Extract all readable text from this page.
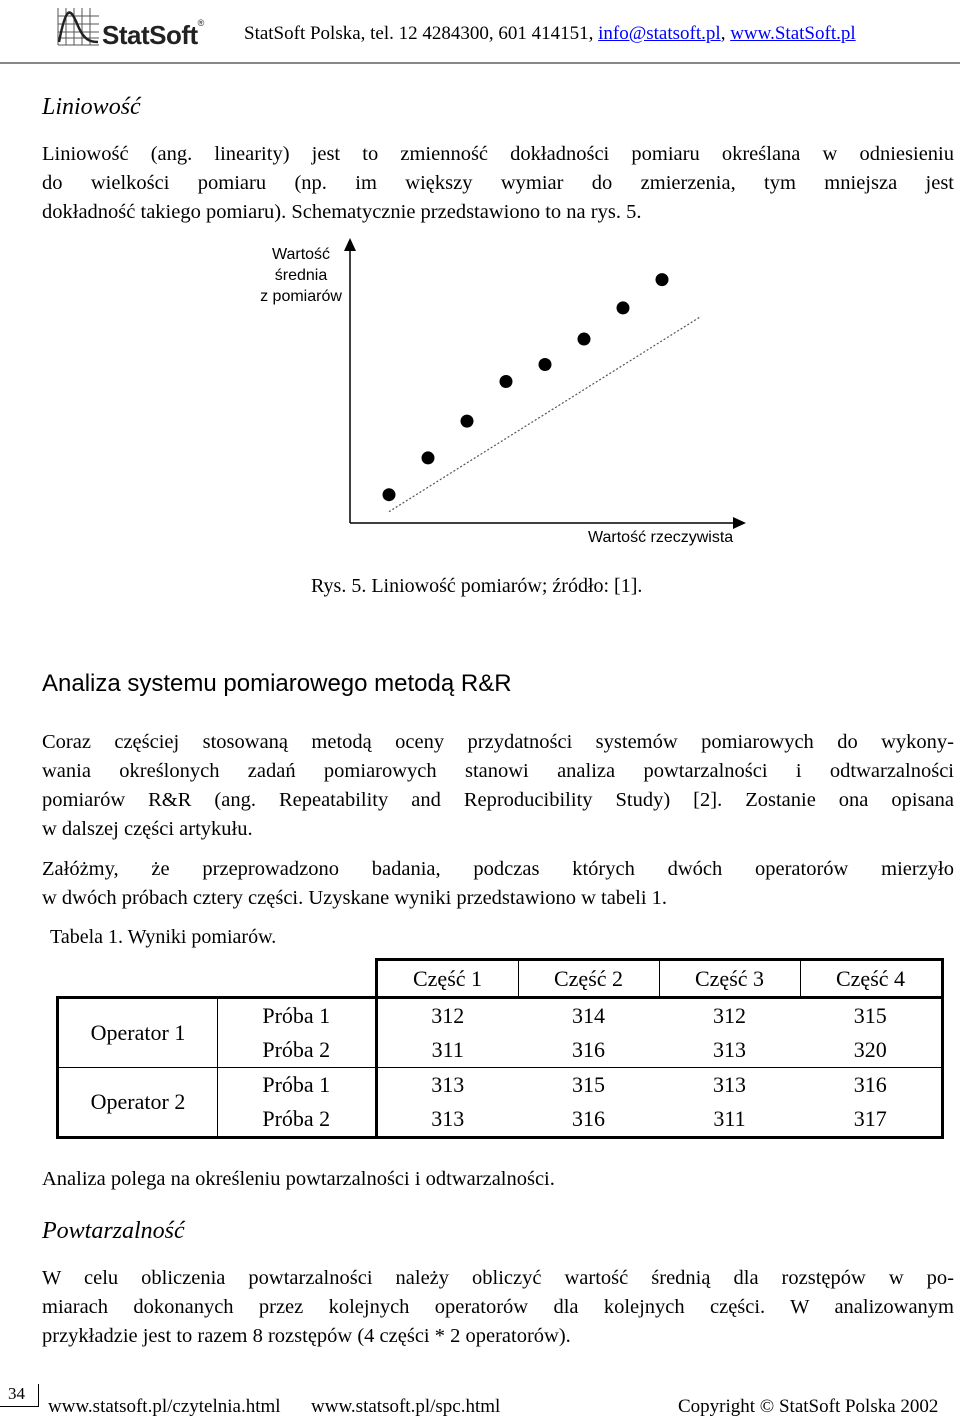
StatSoft® StatSoft Polska, tel. 12 4284300, 601 414151, info@statsoft.pl, www.StatSoft.pl
Liniowość
Liniowość (ang. linearity) jest to zmienność dokładności pomiaru określana w odniesieniu
do wielkości pomiaru (np. im większy wymiar do zmierzenia, tym mniejsza jest
dokładność takiego pomiaru). Schematycznie przedstawiono to na rys. 5.
Wartość
średnia
z pomiarów
Wartość rzeczywista
Rys. 5. Liniowość pomiarów; źródło: [1].
Analiza systemu pomiarowego metodą R&R
Coraz częściej stosowaną metodą oceny przydatności systemów pomiarowych do wykony-
wania określonych zadań pomiarowych stanowi analiza powtarzalności i odtwarzalności
pomiarów R&R (ang. Repeatability and Reproducibility Study) [2]. Zostanie ona opisana
w dalszej części artykułu.
Załóżmy, że przeprowadzono badania, podczas których dwóch operatorów mierzyło
w dwóch próbach cztery części. Uzyskane wyniki przedstawiono w tabeli 1.
Tabela 1. Wyniki pomiarów.
		Część 1	Część 2	Część 3	Część 4
Operator 1	Próba 1	312	314	312	315
	Próba 2	311	316	313	320
Operator 2	Próba 1	313	315	313	316
	Próba 2	313	316	311	317
Analiza polega na określeniu powtarzalności i odtwarzalności.
Powtarzalność
W celu obliczenia powtarzalności należy obliczyć wartość średnią dla rozstępów w po-
miarach dokonanych przez kolejnych operatorów dla kolejnych części. W analizowanym
przykładzie jest to razem 8 rozstępów (4 części * 2 operatorów).
34
www.statsoft.pl/czytelnia.html www.statsoft.pl/spc.html	Copyright © StatSoft Polska 2002
